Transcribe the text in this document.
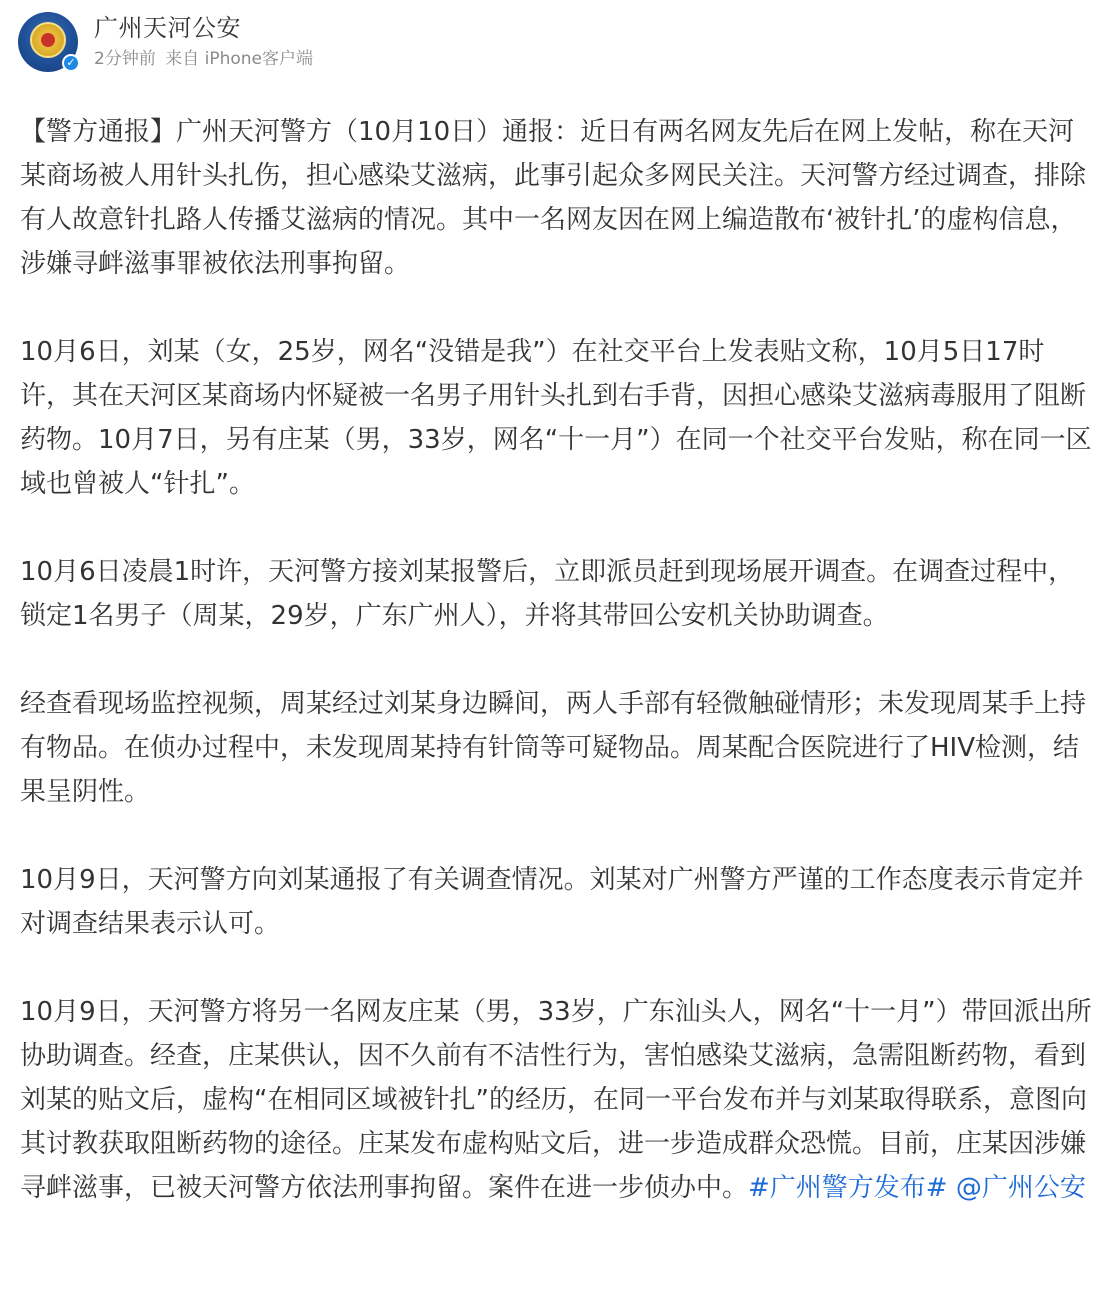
✓
广州天河公安
2分钟前 来自 iPhone客户端

【警方通报】广州天河警方（10月10日）通报：近日有两名网友先后在网上发帖，称在天河某商场被人用针头扎伤，担心感染艾滋病，此事引起众多网民关注。天河警方经过调查，排除有人故意针扎路人传播艾滋病的情况。其中一名网友因在网上编造散布‘被针扎’的虚构信息，涉嫌寻衅滋事罪被依法刑事拘留。

10月6日，刘某（女，25岁，网名“没错是我”）在社交平台上发表贴文称，10月5日17时许，其在天河区某商场内怀疑被一名男子用针头扎到右手背，因担心感染艾滋病毒服用了阻断药物。10月7日，另有庄某（男，33岁，网名“十一月”）在同一个社交平台发贴，称在同一区域也曾被人“针扎”。

10月6日凌晨1时许，天河警方接刘某报警后，立即派员赶到现场展开调查。在调查过程中，锁定1名男子（周某，29岁，广东广州人），并将其带回公安机关协助调查。

经查看现场监控视频，周某经过刘某身边瞬间，两人手部有轻微触碰情形；未发现周某手上持有物品。在侦办过程中，未发现周某持有针筒等可疑物品。周某配合医院进行了HIV检测，结果呈阴性。

10月9日，天河警方向刘某通报了有关调查情况。刘某对广州警方严谨的工作态度表示肯定并对调查结果表示认可。

10月9日，天河警方将另一名网友庄某（男，33岁，广东汕头人，网名“十一月”）带回派出所协助调查。经查，庄某供认，因不久前有不洁性行为，害怕感染艾滋病，急需阻断药物，看到刘某的贴文后，虚构“在相同区域被针扎”的经历，在同一平台发布并与刘某取得联系，意图向其讨教获取阻断药物的途径。庄某发布虚构贴文后，进一步造成群众恐慌。目前，庄某因涉嫌寻衅滋事，已被天河警方依法刑事拘留。案件在进一步侦办中。#广州警方发布# @广州公安
